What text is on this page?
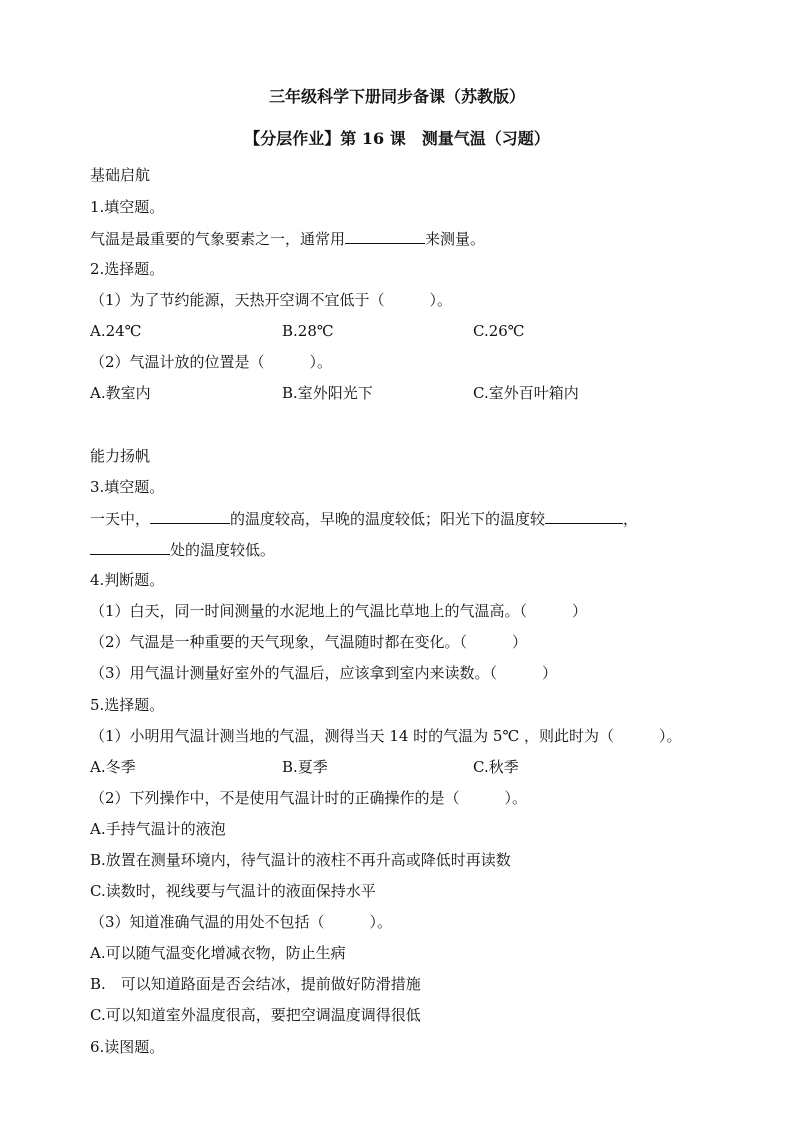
三年级科学下册同步备课（苏教版）
【分层作业】第 16 课　测量气温（习题）
基础启航
1.填空题。
气温是最重要的气象要素之一，通常用	来测量。
2.选择题。
（1）为了节约能源，天热开空调不宜低于（　　　）。
A.24℃	B.28℃	C.26℃
（2）气温计放的位置是（　　　）。
A.教室内	B.室外阳光下	C.室外百叶箱内
能力扬帆
3.填空题。
一天中，	的温度较高，早晚的温度较低；阳光下的温度较	，
处的温度较低。
4.判断题。
（1）白天，同一时间测量的水泥地上的气温比草地上的气温高。（　　　）
（2）气温是一种重要的天气现象，气温随时都在变化。（　　　）
（3）用气温计测量好室外的气温后，应该拿到室内来读数。（　　　）
5.选择题。
（1）小明用气温计测当地的气温，测得当天 14 时的气温为 5℃ ，则此时为（　　　）。
A.冬季	B.夏季	C.秋季
（2）下列操作中，不是使用气温计时的正确操作的是（　　　）。
A.手持气温计的液泡
B.放置在测量环境内，待气温计的液柱不再升高或降低时再读数
C.读数时，视线要与气温计的液面保持水平
（3）知道准确气温的用处不包括（　　　）。
A.可以随气温变化增减衣物，防止生病
B.　可以知道路面是否会结冰，提前做好防滑措施
C.可以知道室外温度很高，要把空调温度调得很低
6.读图题。
